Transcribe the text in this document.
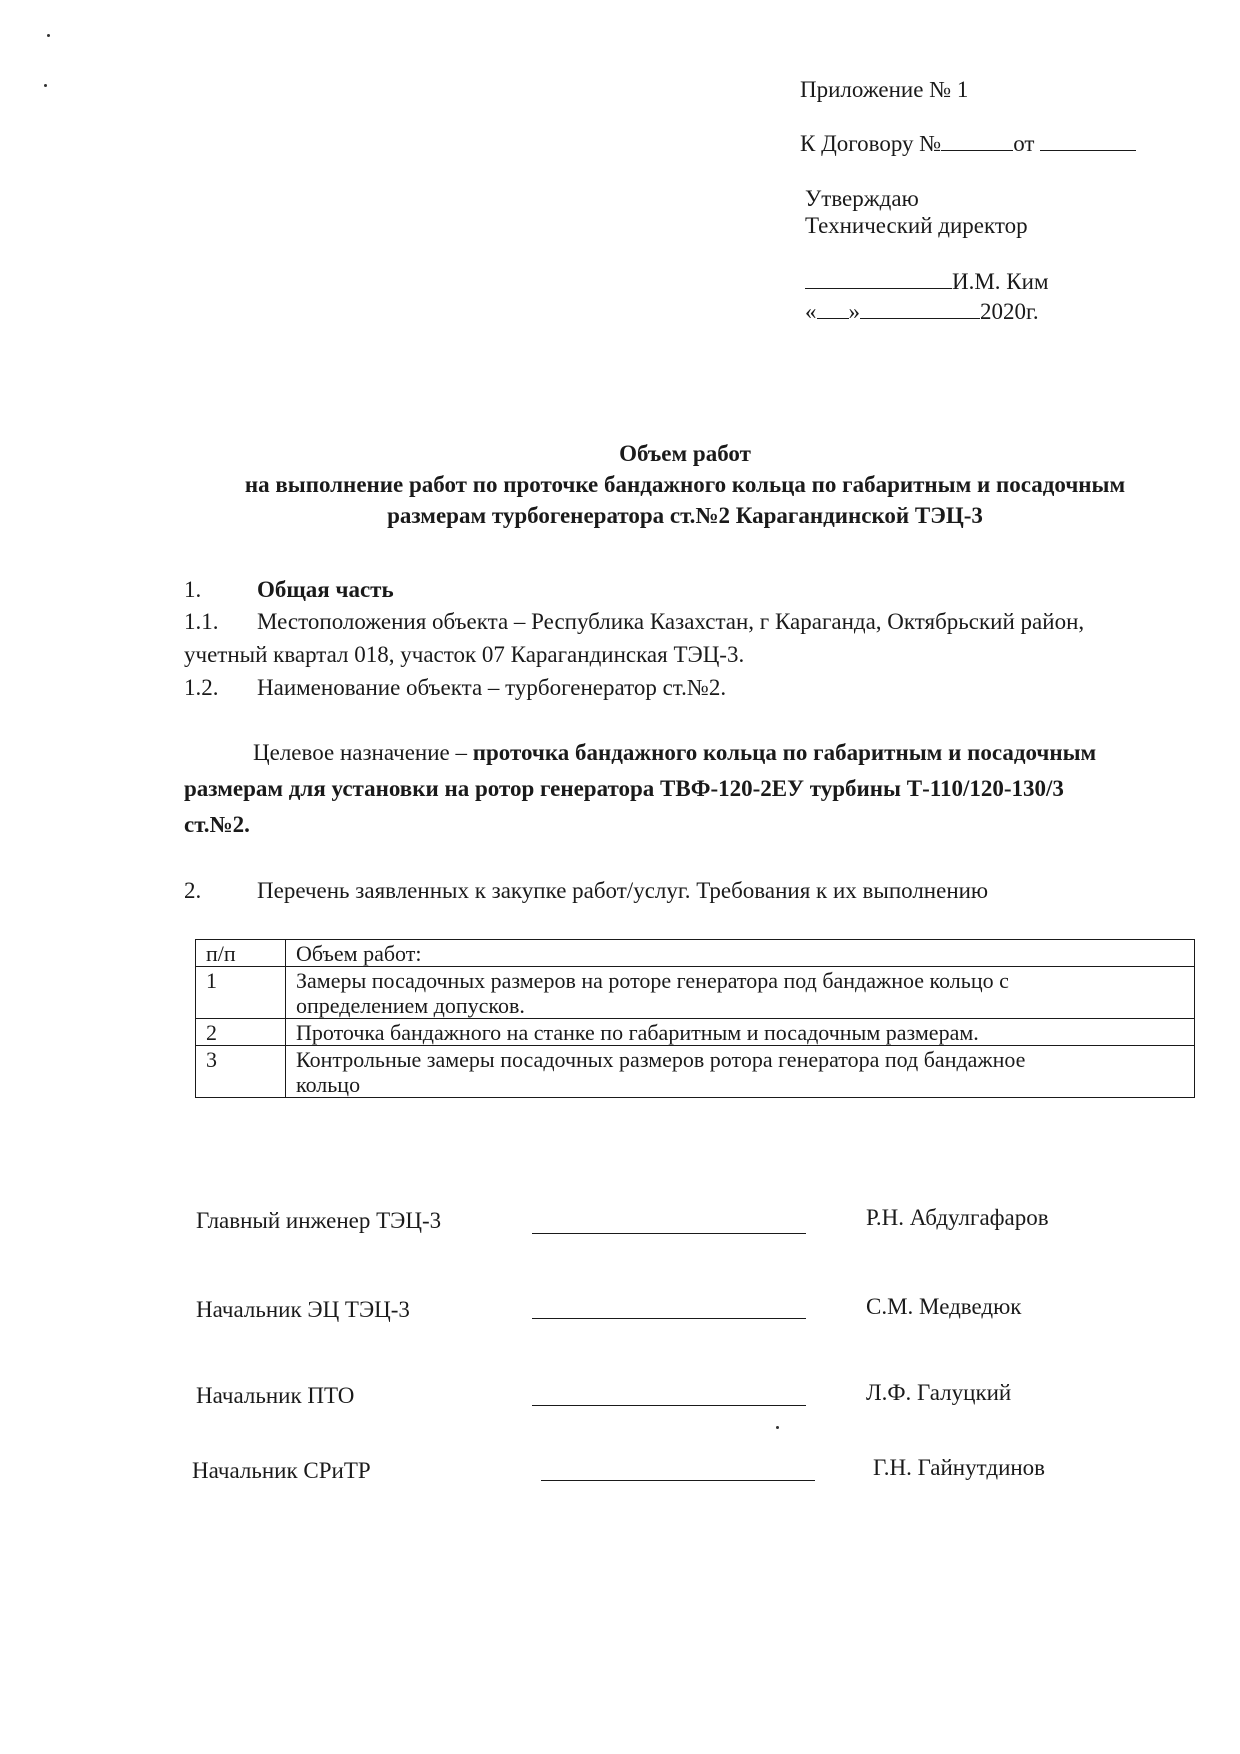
Приложение № 1
К Договору №	от
Утверждаю
Технический директор
И.М. Ким
« »	2020г.
Объем работ
на выполнение работ по проточке бандажного кольца по габаритным и посадочным
размерам турбогенератора ст.№2 Карагандинской ТЭЦ-3
1. Общая часть
1.1. Местоположения объекта – Республика Казахстан, г Караганда, Октябрьский район,
учетный квартал 018, участок 07 Карагандинская ТЭЦ-3.
1.2. Наименование объекта – турбогенератор ст.№2.
Целевое назначение – проточка бандажного кольца по габаритным и посадочным
размерам для установки на ротор генератора ТВФ-120-2ЕУ турбины Т-110/120-130/3
ст.№2.
2. Перечень заявленных к закупке работ/услуг. Требования к их выполнению
п/п	Объем работ:
1	Замеры посадочных размеров на роторе генератора под бандажное кольцо с
определением допусков.

2	Проточка бандажного на станке по габаритным и посадочным размерам.

3	Контрольные замеры посадочных размеров ротора генератора под бандажное
кольцо
Главный инженер ТЭЦ-3	Р.Н. Абдулгафаров
Начальник ЭЦ ТЭЦ-3	С.М. Медведюк
Начальник ПТО	Л.Ф. Галуцкий
Начальник СРиТР	Г.Н. Гайнутдинов
